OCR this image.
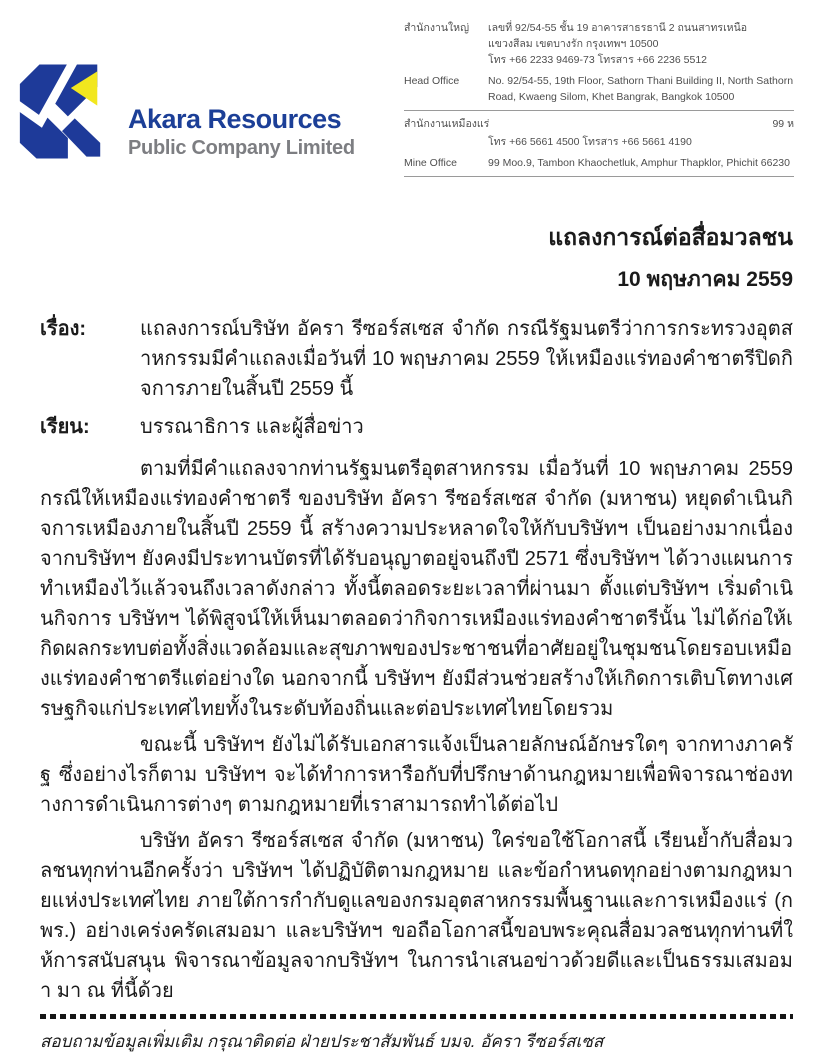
Akara Resources
Public Company Limited
สำนักงานใหญ่	เลขที่ 92/54-55 ชั้น 19 อาคารสาธรธานี 2 ถนนสาทรเหนือ
แขวงสีลม เขตบางรัก กรุงเทพฯ 10500
โทร +66 2233 9469-73 โทรสาร +66 2236 5512
Head Office	No. 92/54-55, 19th Floor, Sathorn Thani Building II, North Sathorn Road, Kwaeng Silom, Khet Bangrak, Bangkok 10500
สำนักงานเหมืองแร่	99 ห
โทร +66 5661 4500 โทรสาร +66 5661 4190
Mine Office	99 Moo.9, Tambon Khaochetluk, Amphur Thapklor, Phichit 66230
แถลงการณ์ต่อสื่อมวลชน
10 พฤษภาคม 2559
เรื่อง:	แถลงการณ์บริษัท อัครา รีซอร์สเซส จำกัด กรณีรัฐมนตรีว่าการกระทรวงอุตสาหกรรมมีคำแถลงเมื่อวันที่ 10 พฤษภาคม 2559 ให้เหมืองแร่ทองคำชาตรีปิดกิจการภายในสิ้นปี 2559 นี้
เรียน:	บรรณาธิการ และผู้สื่อข่าว

ตามที่มีคำแถลงจากท่านรัฐมนตรีอุตสาหกรรม เมื่อวันที่ 10 พฤษภาคม 2559 กรณีให้เหมืองแร่ทองคำชาตรี ของบริษัท อัครา รีซอร์สเซส จำกัด (มหาชน) หยุดดำเนินกิจการเหมืองภายในสิ้นปี 2559 นี้ สร้างความประหลาดใจให้กับบริษัทฯ เป็นอย่างมากเนื่องจากบริษัทฯ ยังคงมีประทานบัตรที่ได้รับอนุญาตอยู่จนถึงปี 2571 ซึ่งบริษัทฯ ได้วางแผนการทำเหมืองไว้แล้วจนถึงเวลาดังกล่าว ทั้งนี้ตลอดระยะเวลาที่ผ่านมา ตั้งแต่บริษัทฯ เริ่มดำเนินกิจการ บริษัทฯ ได้พิสูจน์ให้เห็นมาตลอดว่ากิจการเหมืองแร่ทองคำชาตรีนั้น ไม่ได้ก่อให้เกิดผลกระทบต่อทั้งสิ่งแวดล้อมและสุขภาพของประชาชนที่อาศัยอยู่ในชุมชนโดยรอบเหมืองแร่ทองคำชาตรีแต่อย่างใด นอกจากนี้ บริษัทฯ ยังมีส่วนช่วยสร้างให้เกิดการเติบโตทางเศรษฐกิจแก่ประเทศไทยทั้งในระดับท้องถิ่นและต่อประเทศไทยโดยรวม

ขณะนี้ บริษัทฯ ยังไม่ได้รับเอกสารแจ้งเป็นลายลักษณ์อักษรใดๆ จากทางภาครัฐ ซึ่งอย่างไรก็ตาม บริษัทฯ จะได้ทำการหารือกับที่ปรึกษาด้านกฎหมายเพื่อพิจารณาช่องทางการดำเนินการต่างๆ ตามกฎหมายที่เราสามารถทำได้ต่อไป

บริษัท อัครา รีซอร์สเซส จำกัด (มหาชน) ใคร่ขอใช้โอกาสนี้ เรียนย้ำกับสื่อมวลชนทุกท่านอีกครั้งว่า บริษัทฯ ได้ปฏิบัติตามกฎหมาย และข้อกำหนดทุกอย่างตามกฎหมายแห่งประเทศไทย ภายใต้การกำกับดูแลของกรมอุตสาหกรรมพื้นฐานและการเหมืองแร่ (กพร.) อย่างเคร่งครัดเสมอมา และบริษัทฯ ขอถือโอกาสนี้ขอบพระคุณสื่อมวลชนทุกท่านที่ให้การสนับสนุน พิจารณาข้อมูลจากบริษัทฯ ในการนำเสนอข่าวด้วยดีและเป็นธรรมเสมอมา มา ณ ที่นี้ด้วย

สอบถามข้อมูลเพิ่มเติม กรุณาติดต่อ ฝ่ายประชาสัมพันธ์ บมจ. อัครา รีซอร์สเซส
